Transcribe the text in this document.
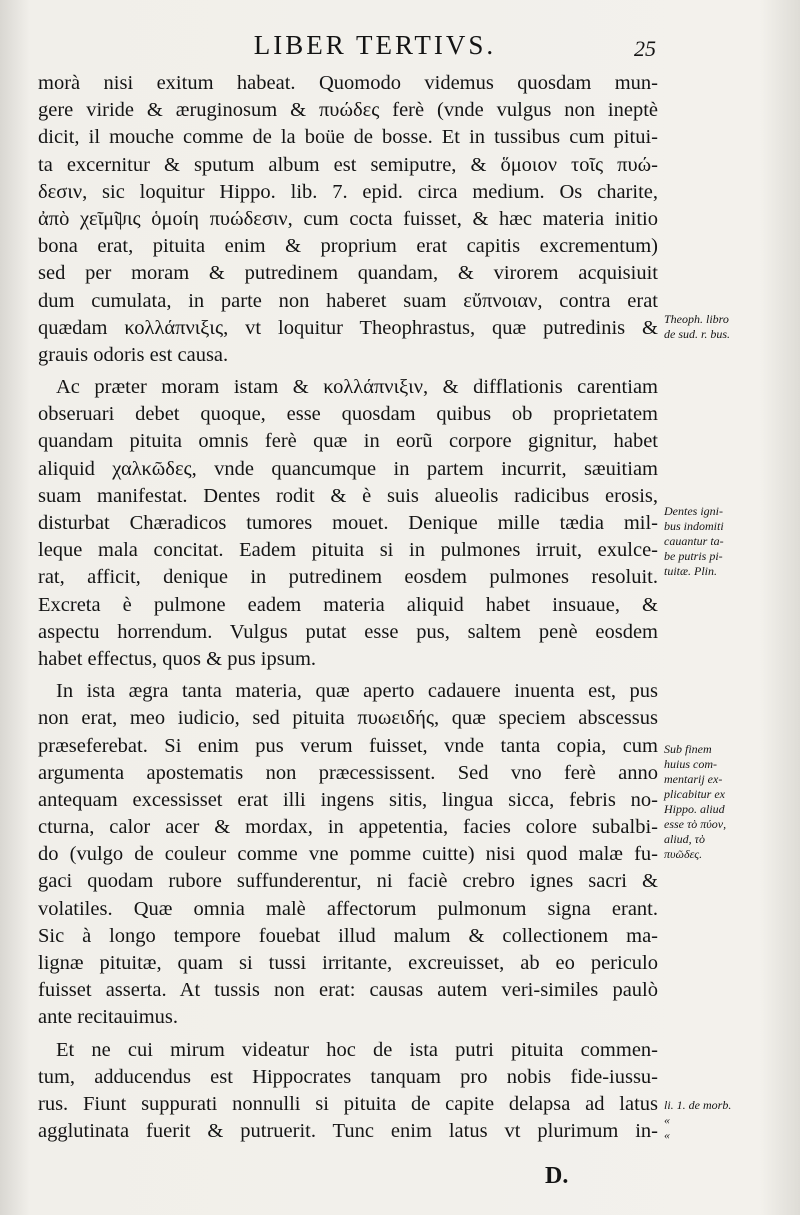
LIBER TERTIVS.	25
morà nisi exitum habeat. Quomodo videmus quosdam mun-
gere viride & æruginosum & πυώδες ferè (vnde vulgus non ineptè
dicit, il mouche comme de la boüe de bosse. Et in tussibus cum pitui-
ta excernitur & sputum album est semiputre, & ὅμοιον τοῖς πυώ-
δεσιν, sic loquitur Hippo. lib. 7. epid. circa medium. Os charite,
ἀπὸ χεῖμ̃ψις ὁμοίη πυώδεσιν, cum cocta fuisset, & hæc materia initio
bona erat, pituita enim & proprium erat capitis excrementum)
sed per moram & putredinem quandam, & virorem acquisiuit
dum cumulata, in parte non haberet suam εὔπνοιαν, contra erat
quædam κολλάπνιξις, vt loquitur Theophrastus, quæ putredinis &
grauis odoris est causa.
Ac præter moram istam & κολλάπνιξιν, & difflationis carentiam
obseruari debet quoque, esse quosdam quibus ob proprietatem
quandam pituita omnis ferè quæ in eorũ corpore gignitur, habet
aliquid χαλκῶδες, vnde quancumque in partem incurrit, sæuitiam
suam manifestat. Dentes rodit & è suis alueolis radicibus erosis,
disturbat Chæradicos tumores mouet. Denique mille tædia mil-
leque mala concitat. Eadem pituita si in pulmones irruit, exulce-
rat, afficit, denique in putredinem eosdem pulmones resoluit.
Excreta è pulmone eadem materia aliquid habet insuaue, &
aspectu horrendum. Vulgus putat esse pus, saltem penè eosdem
habet effectus, quos & pus ipsum.
In ista ægra tanta materia, quæ aperto cadauere inuenta est, pus
non erat, meo iudicio, sed pituita πυωειδής, quæ speciem abscessus
præseferebat. Si enim pus verum fuisset, vnde tanta copia, cum
argumenta apostematis non præcessissent. Sed vno ferè anno
antequam excessisset erat illi ingens sitis, lingua sicca, febris no-
cturna, calor acer & mordax, in appetentia, facies colore subalbi-
do (vulgo de couleur comme vne pomme cuitte) nisi quod malæ fu-
gaci quodam rubore suffunderentur, ni faciè crebro ignes sacri &
volatiles. Quæ omnia malè affectorum pulmonum signa erant.
Sic à longo tempore fouebat illud malum & collectionem ma-
lignæ pituitæ, quam si tussi irritante, excreuisset, ab eo periculo
fuisset asserta. At tussis non erat: causas autem veri-similes paulò
ante recitauimus.
Et ne cui mirum videatur hoc de ista putri pituita commen-
tum, adducendus est Hippocrates tanquam pro nobis fide-iussu-
rus. Fiunt suppurati nonnulli si pituita de capite delapsa ad latus
agglutinata fuerit & putruerit. Tunc enim latus vt plurimum in-
Theoph. libro
de sud. r. bus.
Dentes igni-
bus indomiti
cauantur ta-
be putris pi-
tuitæ. Plin.
Sub finem
huius com-
mentarij ex-
plicabitur ex
Hippo. aliud
esse τὸ πύον,
aliud, τὸ
πυῶδες.
li. 1. de morb.
«
«
D.
